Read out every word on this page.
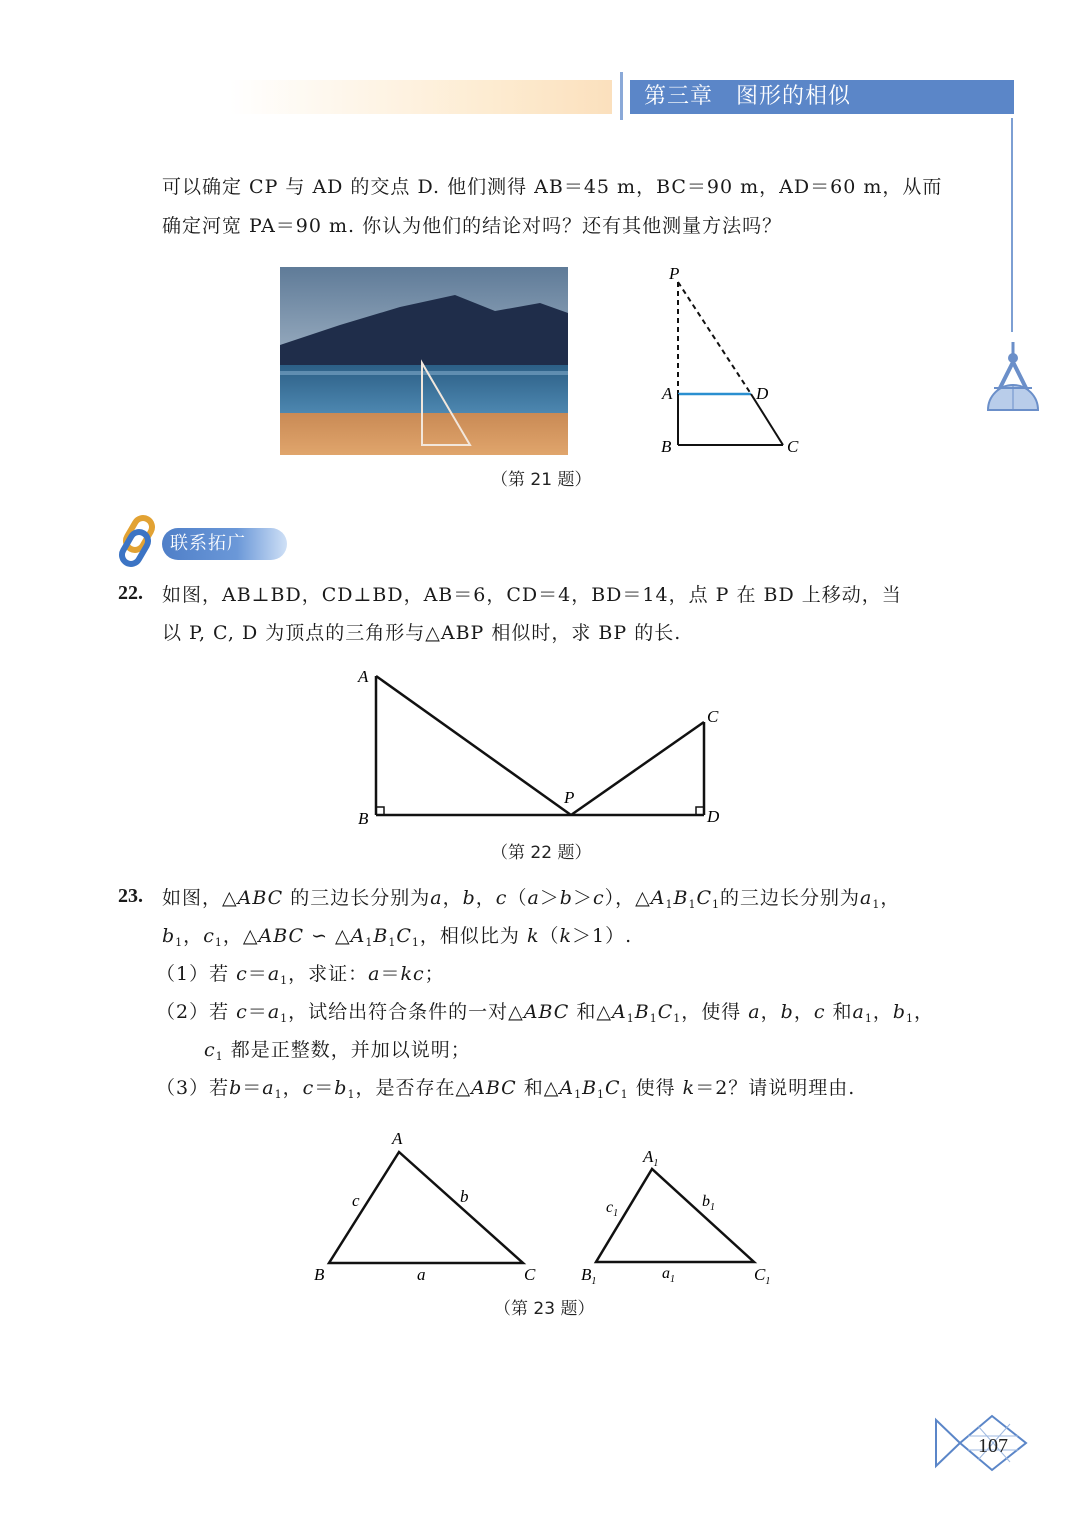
第三章　图形的相似
可以确定 CP 与 AD 的交点 D. 他们测得 AB＝45 m，BC＝90 m，AD＝60 m，从而
确定河宽 PA＝90 m. 你认为他们的结论对吗？还有其他测量方法吗？
P
A	D
B	C
（第 21 题）
联系拓广
22. 如图，AB⊥BD，CD⊥BD，AB＝6，CD＝4，BD＝14，点 P 在 BD 上移动，当
以 P, C, D 为顶点的三角形与△ABP 相似时，求 BP 的长.
A
B
P
C
D
（第 22 题）
23. 如图，△ABC 的三边长分别为a，b，c（a＞b＞c），$\triangle A_1B_1C_1$的三边长分别为$a_1$，
$b_1$，$c_1$，△ABC ∽ $\triangle A_1B_1C_1$，相似比为 k（k＞1）.
（1）若 $c=a_1$，求证：a＝kc；
（2）若 $c=a_1$，试给出符合条件的一对△ABC 和$\triangle A_1B_1C_1$，使得 a，b，c 和$a_1$，$b_1$，
$c_1$ 都是正整数，并加以说明；
（3）若$b=a_1$，$c=b_1$，是否存在△ABC 和$\triangle A_1B_1C_1$ 使得 k＝2？请说明理由.
A
B	C
c	b
a
$A_1$
$B_1$	$C_1$
$c_1$
$b_1$
$a_1$
（第 23 题）
107
